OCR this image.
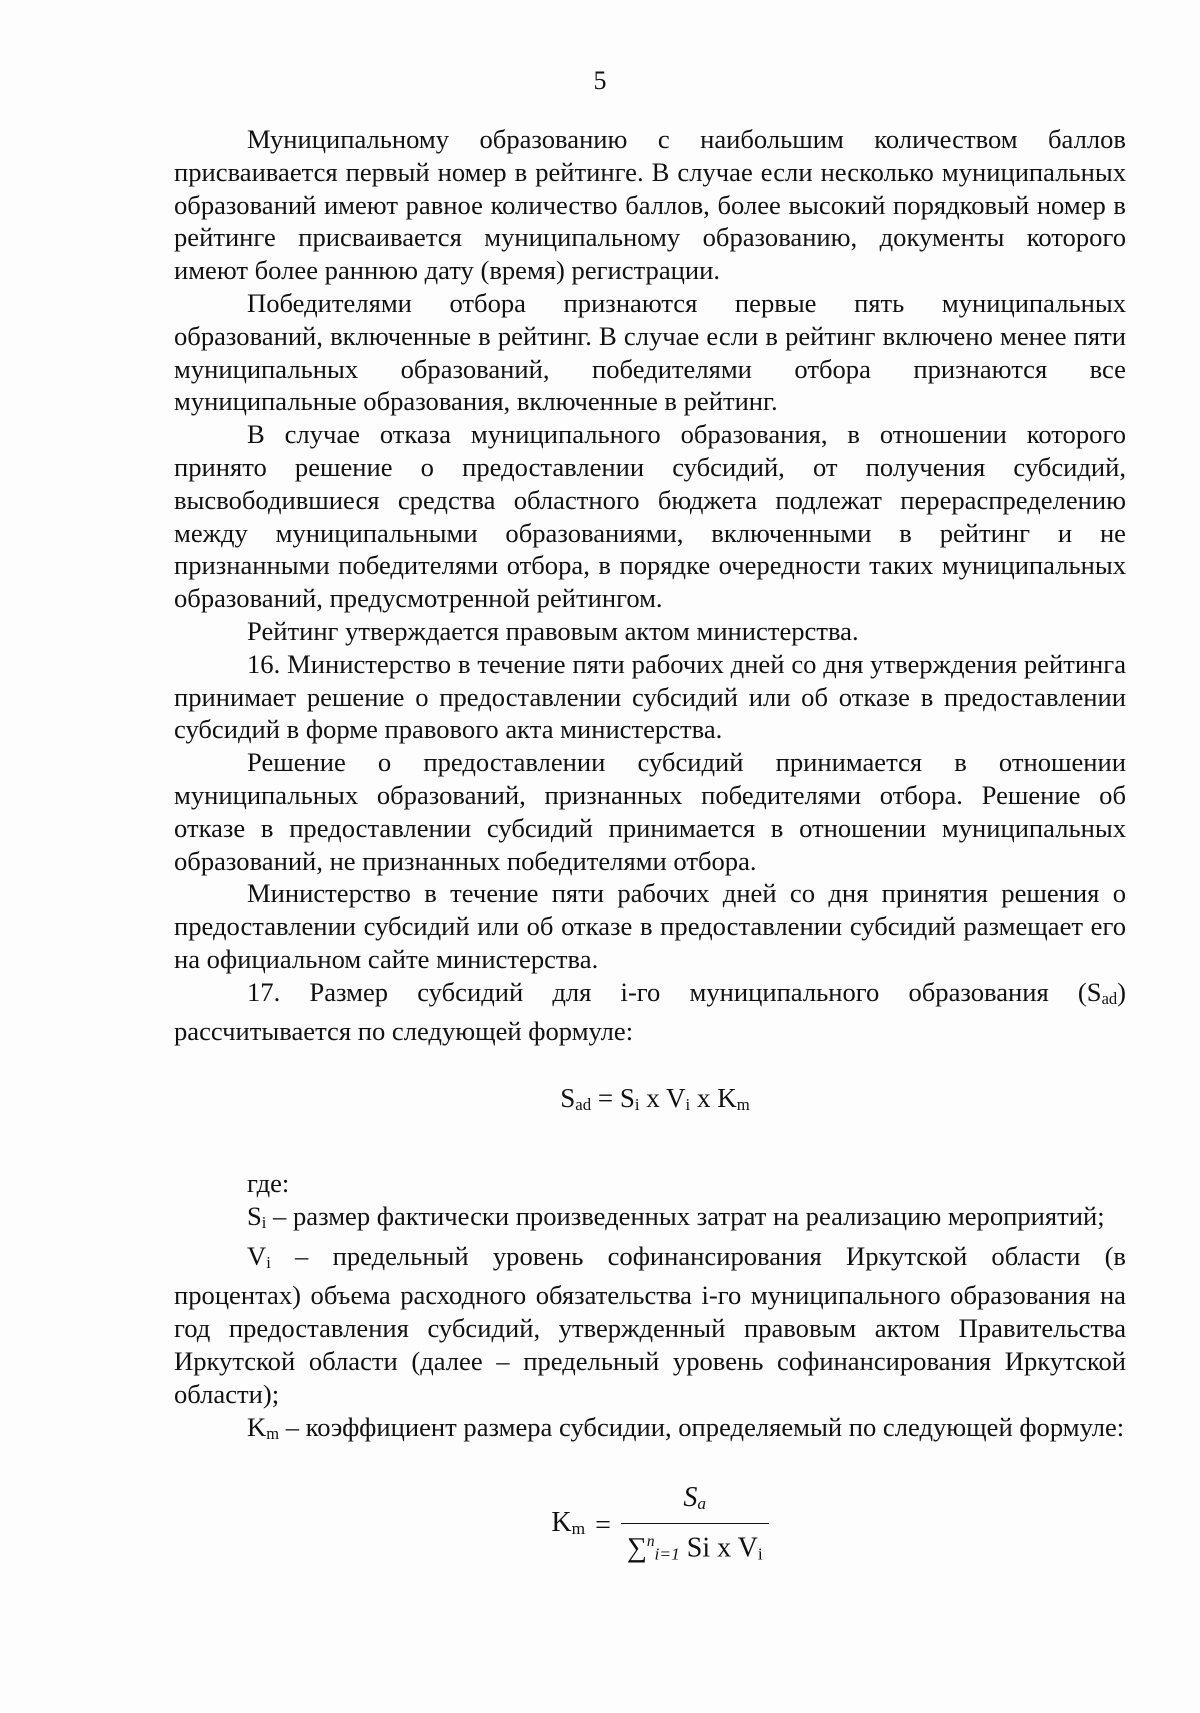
5

Муниципальному образованию с наибольшим количеством баллов присваивается первый номер в рейтинге. В случае если несколько муниципальных образований имеют равное количество баллов, более высокий порядковый номер в рейтинге присваивается муниципальному образованию, документы которого имеют более раннюю дату (время) регистрации.

Победителями отбора признаются первые пять муниципальных образований, включенные в рейтинг. В случае если в рейтинг включено менее пяти муниципальных образований, победителями отбора признаются все муниципальные образования, включенные в рейтинг.

В случае отказа муниципального образования, в отношении которого принято решение о предоставлении субсидий, от получения субсидий, высвободившиеся средства областного бюджета подлежат перераспределению между муниципальными образованиями, включенными в рейтинг и не признанными победителями отбора, в порядке очередности таких муниципальных образований, предусмотренной рейтингом.

Рейтинг утверждается правовым актом министерства.

16. Министерство в течение пяти рабочих дней со дня утверждения рейтинга принимает решение о предоставлении субсидий или об отказе в предоставлении субсидий в форме правового акта министерства.

Решение о предоставлении субсидий принимается в отношении муниципальных образований, признанных победителями отбора. Решение об отказе в предоставлении субсидий принимается в отношении муниципальных образований, не признанных победителями отбора.

Министерство в течение пяти рабочих дней со дня принятия решения о предоставлении субсидий или об отказе в предоставлении субсидий размещает его на официальном сайте министерства.

17. Размер субсидий для i-го муниципального образования (Sad) рассчитывается по следующей формуле:

Sad = Si x Vi x Km

где:

Si – размер фактически произведенных затрат на реализацию мероприятий;

Vi – предельный уровень софинансирования Иркутской области (в процентах) объема расходного обязательства i-го муниципального образования на год предоставления субсидий, утвержденный правовым актом Правительства Иркутской области (далее – предельный уровень софинансирования Иркутской области);

Km – коэффициент размера субсидии, определяемый по следующей формуле:

$Km = \frac{Sa}{\sum^ni=1 Si x Vi}$
